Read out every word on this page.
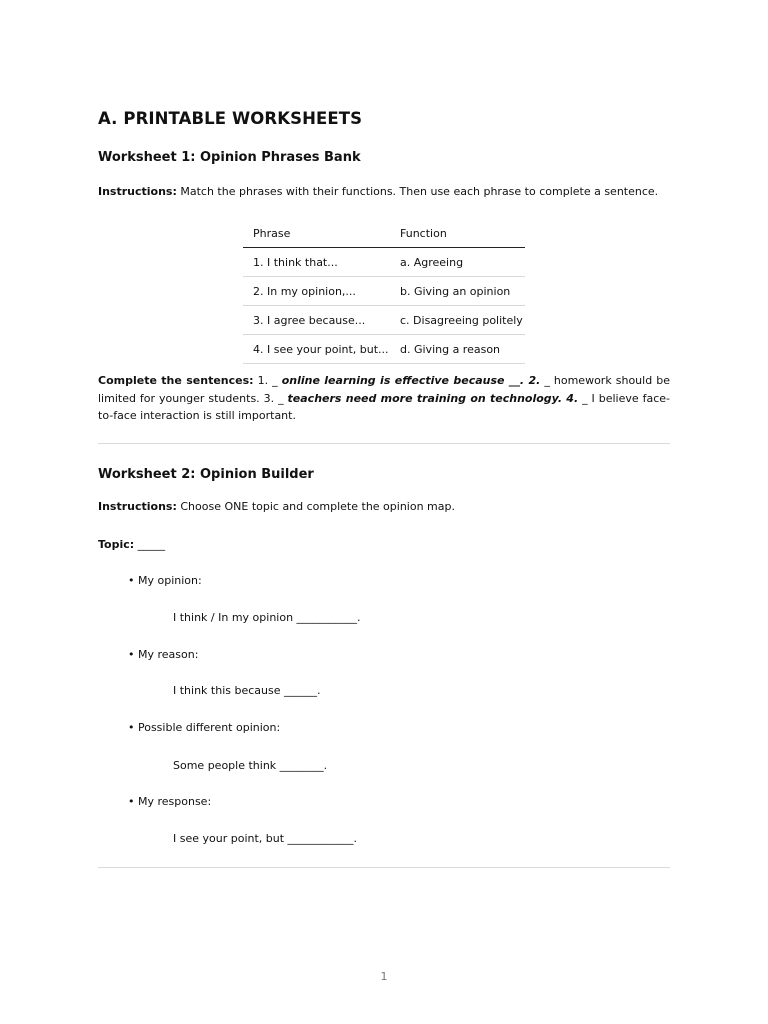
A. PRINTABLE WORKSHEETS
Worksheet 1: Opinion Phrases Bank

Instructions: Match the phrases with their functions. Then use each phrase to complete a sentence.

Phrase	Function
1. I think that...	a. Agreeing
2. In my opinion,...	b. Giving an opinion
3. I agree because...	c. Disagreeing politely
4. I see your point, but...	d. Giving a reason

Complete the sentences: 1. _ online learning is effective because __. 2. _ homework should be limited for younger students. 3. _ teachers need more training on technology. 4. _ I believe face-to-face interaction is still important.

Worksheet 2: Opinion Builder

Instructions: Choose ONE topic and complete the opinion map.

Topic: _____

• My opinion:

I think / In my opinion ___________.

• My reason:

I think this because ______.

• Possible different opinion:

Some people think ________.

• My response:

I see your point, but ____________.

1
